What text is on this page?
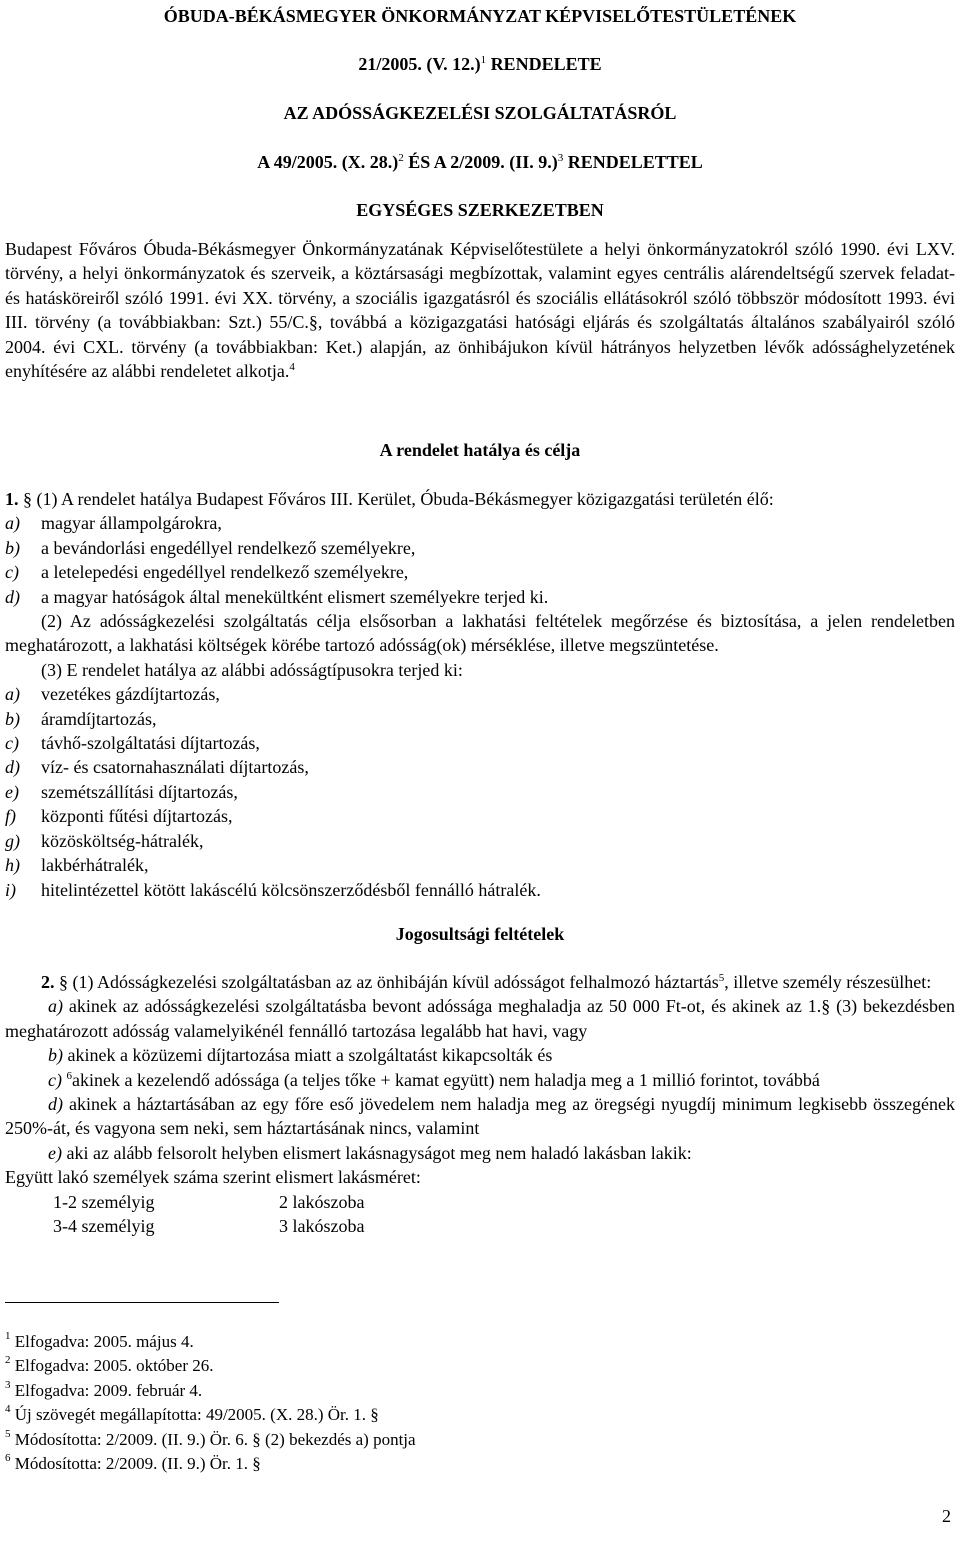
ÓBUDA-BÉKÁSMEGYER ÖNKORMÁNYZAT KÉPVISELŐTESTÜLETÉNEK
21/2005. (V. 12.)$^1$ RENDELETE
AZ ADÓSSÁGKEZELÉSI SZOLGÁLTATÁSRÓL
A 49/2005. (X. 28.)$^2$ ÉS A 2/2009. (II. 9.)$^3$ RENDELETTEL
EGYSÉGES SZERKEZETBEN
Budapest Főváros Óbuda-Békásmegyer Önkormányzatának Képviselőtestülete a helyi önkormányzatokról szóló 1990. évi LXV. törvény, a helyi önkormányzatok és szerveik, a köztársasági megbízottak, valamint egyes centrális alárendeltségű szervek feladat- és hatásköreiről szóló 1991. évi XX. törvény, a szociális igazgatásról és szociális ellátásokról szóló többször módosított 1993. évi III. törvény (a továbbiakban: Szt.) 55/C.§, továbbá a közigazgatási hatósági eljárás és szolgáltatás általános szabályairól szóló 2004. évi CXL. törvény (a továbbiakban: Ket.) alapján, az önhibájukon kívül hátrányos helyzetben lévők adóssághelyzetének enyhítésére az alábbi rendeletet alkotja.$^4$
A rendelet hatálya és célja
1. § (1) A rendelet hatálya Budapest Főváros III. Kerület, Óbuda-Békásmegyer közigazgatási területén élő:
a) magyar állampolgárokra,
b) a bevándorlási engedéllyel rendelkező személyekre,
c) a letelepedési engedéllyel rendelkező személyekre,
d) a magyar hatóságok által menekültként elismert személyekre terjed ki.
(2) Az adósságkezelési szolgáltatás célja elsősorban a lakhatási feltételek megőrzése és biztosítása, a jelen rendeletben meghatározott, a lakhatási költségek körébe tartozó adósság(ok) mérséklése, illetve megszüntetése.
(3) E rendelet hatálya az alábbi adósságtípusokra terjed ki:
a) vezetékes gázdíjtartozás,
b) áramdíjtartozás,
c) távhő-szolgáltatási díjtartozás,
d) víz- és csatornahasználati díjtartozás,
e) szemétszállítási díjtartozás,
f) központi fűtési díjtartozás,
g) közösköltség-hátralék,
h) lakbérhátralék,
i) hitelintézettel kötött lakáscélú kölcsönszerződésből fennálló hátralék.
Jogosultsági feltételek
2. § (1) Adósságkezelési szolgáltatásban az az önhibáján kívül adósságot felhalmozó háztartás$^5$, illetve személy részesülhet:
a) akinek az adósságkezelési szolgáltatásba bevont adóssága meghaladja az 50 000 Ft-ot, és akinek az 1.§ (3) bekezdésben meghatározott adósság valamelyikénél fennálló tartozása legalább hat havi, vagy
b) akinek a közüzemi díjtartozása miatt a szolgáltatást kikapcsolták és
c) $^6$akinek a kezelendő adóssága (a teljes tőke + kamat együtt) nem haladja meg a 1 millió forintot, továbbá
d) akinek a háztartásában az egy főre eső jövedelem nem haladja meg az öregségi nyugdíj minimum legkisebb összegének 250%-át, és vagyona sem neki, sem háztartásának nincs, valamint
e) aki az alább felsorolt helyben elismert lakásnagyságot meg nem haladó lakásban lakik:
Együtt lakó személyek száma szerint elismert lakásméret:
1-2 személyig	2 lakószoba
3-4 személyig	3 lakószoba
$^1$ Elfogadva: 2005. május 4.
$^2$ Elfogadva: 2005. október 26.
$^3$ Elfogadva: 2009. február 4.
$^4$ Új szövegét megállapította: 49/2005. (X. 28.) Ör. 1. §
$^5$ Módosította: 2/2009. (II. 9.) Ör. 6. § (2) bekezdés a) pontja
$^6$ Módosította: 2/2009. (II. 9.) Ör. 1. §
2
